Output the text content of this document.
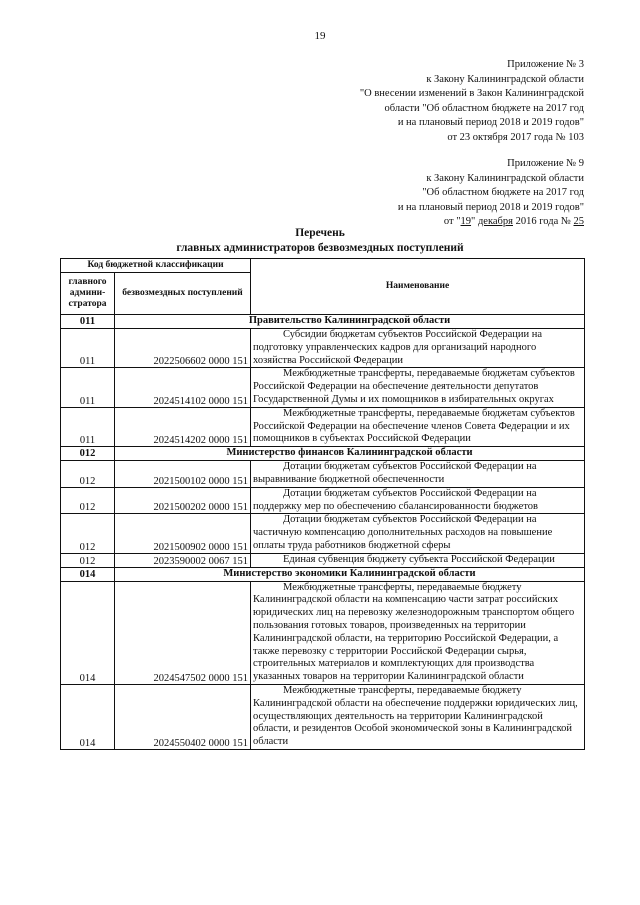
19
Приложение № 3
к Закону Калининградской области
"О внесении изменений в Закон Калининградской
области "Об областном бюджете на 2017 год
и на плановый период 2018 и 2019 годов"
от 23 октября 2017 года № 103
Приложение № 9
к Закону Калининградской области
"Об областном бюджете на 2017 год
и на плановый период 2018 и 2019 годов"
от "19" декабря 2016 года № 25
Перечень
главных администраторов безвозмездных поступлений
Код бюджетной классификации		Наименование
главного админи-стратора	безвозмездных поступлений	
011	Правительство Калининградской области	
011	2022506602 0000 151	Субсидии бюджетам субъектов Российской Федерации на подготовку управленческих кадров для организаций народного хозяйства Российской Федерации
011	2024514102 0000 151	Межбюджетные трансферты, передаваемые бюджетам субъектов Российской Федерации на обеспечение деятельности депутатов Государственной Думы и их помощников в избирательных округах
011	2024514202 0000 151	Межбюджетные трансферты, передаваемые бюджетам субъектов Российской Федерации на обеспечение членов Совета Федерации и их помощников в субъектах Российской Федерации
012	Министерство финансов Калининградской области	
012	2021500102 0000 151	Дотации бюджетам субъектов Российской Федерации на выравнивание бюджетной обеспеченности
012	2021500202 0000 151	Дотации бюджетам субъектов Российской Федерации на поддержку мер по обеспечению сбалансированности бюджетов
012	2021500902 0000 151	Дотации бюджетам субъектов Российской Федерации на частичную компенсацию дополнительных расходов на повышение оплаты труда работников бюджетной сферы
012	2023590002 0067 151	Единая субвенция бюджету субъекта Российской Федерации
014	Министерство экономики Калининградской области	
014	2024547502 0000 151	Межбюджетные трансферты, передаваемые бюджету Калининградской области на компенсацию части затрат российских юридических лиц на перевозку железнодорожным транспортом общего пользования готовых товаров, произведенных на территории Калининградской области, на территорию Российской Федерации, а также перевозку с территории Российской Федерации сырья, строительных материалов и комплектующих для производства указанных товаров на территории Калининградской области
014	2024550402 0000 151	Межбюджетные трансферты, передаваемые бюджету Калининградской области на обеспечение поддержки юридических лиц, осуществляющих деятельность на территории Калининградской области, и резидентов Особой экономической зоны в Калининградской области
